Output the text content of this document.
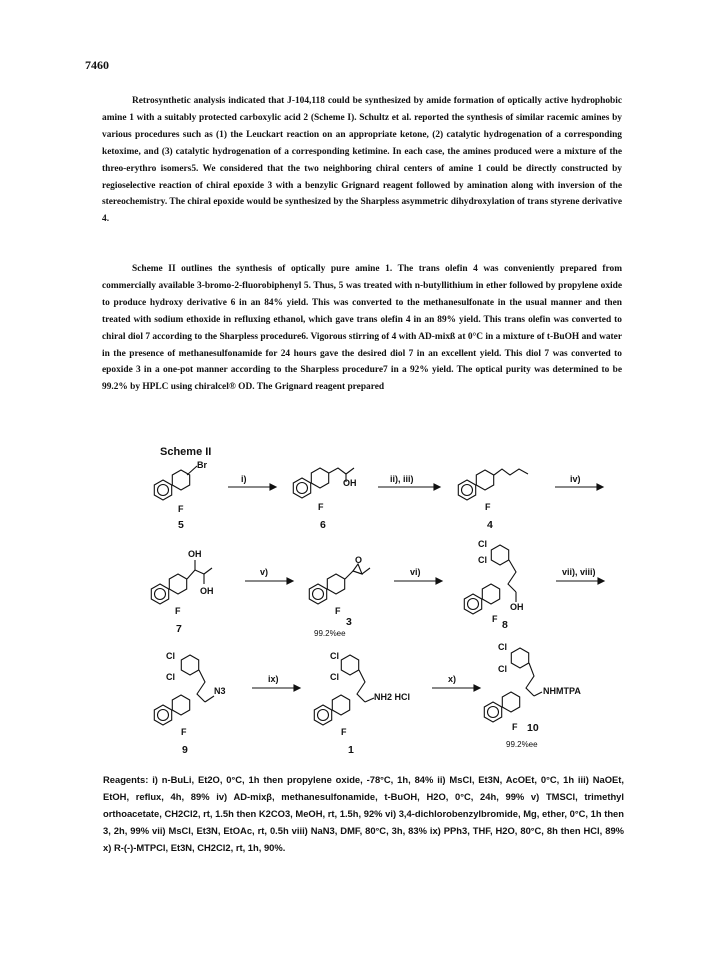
7460

Retrosynthetic analysis indicated that J-104,118 could be synthesized by amide formation of optically active hydrophobic amine 1 with a suitably protected carboxylic acid 2 (Scheme I). Schultz et al. reported the synthesis of similar racemic amines by various procedures such as (1) the Leuckart reaction on an appropriate ketone, (2) catalytic hydrogenation of a corresponding ketoxime, and (3) catalytic hydrogenation of a corresponding ketimine. In each case, the amines produced were a mixture of the threo-erythro isomers5. We considered that the two neighboring chiral centers of amine 1 could be directly constructed by regioselective reaction of chiral epoxide 3 with a benzylic Grignard reagent followed by amination along with inversion of the stereochemistry. The chiral epoxide would be synthesized by the Sharpless asymmetric dihydroxylation of trans styrene derivative 4.

Scheme II outlines the synthesis of optically pure amine 1. The trans olefin 4 was conveniently prepared from commercially available 3-bromo-2-fluorobiphenyl 5. Thus, 5 was treated with n-butyllithium in ether followed by propylene oxide to produce hydroxy derivative 6 in an 84% yield. This was converted to the methanesulfonate in the usual manner and then treated with sodium ethoxide in refluxing ethanol, which gave trans olefin 4 in an 89% yield. This trans olefin was converted to chiral diol 7 according to the Sharpless procedure6. Vigorous stirring of 4 with AD-mixß at 0°C in a mixture of t-BuOH and water in the presence of methanesulfonamide for 24 hours gave the desired diol 7 in an excellent yield. This diol 7 was converted to epoxide 3 in a one-pot manner according to the Sharpless procedure7 in a 92% yield. The optical purity was determined to be 99.2% by HPLC using chiralcel® OD. The Grignard reagent prepared

Scheme II
Br
F
5
i)	OH
F
6
ii), iii)
F
4
iv)
OH
OH
F
7
v)
O
F
3
99.2%ee
vi)
Cl
Cl
OH
F 8
vii), viii)
Cl
Cl
N3
F
9
ix)
Cl
Cl
NH2 HCl
F
1
x)
Cl
Cl
NHMTPA
F 10
99.2%ee
Reagents: i) n-BuLi, Et2O, 0°C, 1h then propylene oxide, -78°C, 1h, 84% ii) MsCl, Et3N, AcOEt, 0°C, 1h iii) NaOEt, EtOH, reflux, 4h, 89% iv) AD-mixβ, methanesulfonamide, t-BuOH, H2O, 0°C, 24h, 99% v) TMSCl, trimethyl orthoacetate, CH2Cl2, rt, 1.5h then K2CO3, MeOH, rt, 1.5h, 92% vi) 3,4-dichlorobenzylbromide, Mg, ether, 0°C, 1h then 3, 2h, 99% vii) MsCl, Et3N, EtOAc, rt, 0.5h viii) NaN3, DMF, 80°C, 3h, 83% ix) PPh3, THF, H2O, 80°C, 8h then HCl, 89% x) R-(-)-MTPCl, Et3N, CH2Cl2, rt, 1h, 90%.
